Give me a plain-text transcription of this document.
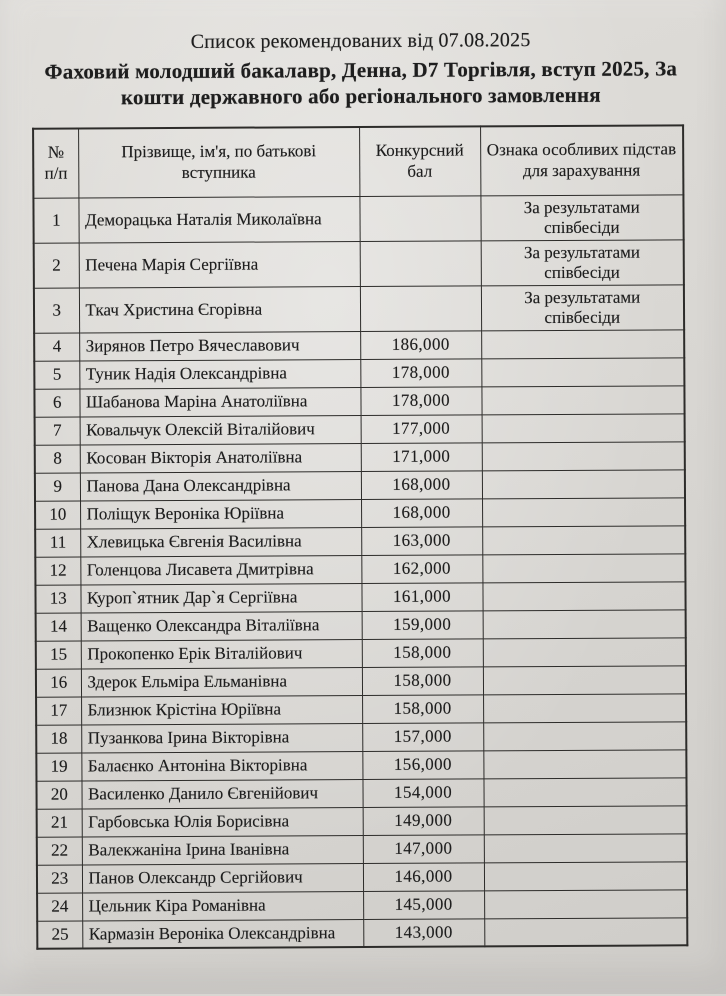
Список рекомендованих від 07.08.2025

Фаховий молодший бакалавр, Денна, D7 Торгівля, вступ 2025, За кошти державного або регіонального замовлення

№ п/п	Прізвище, ім'я, по батькові вступника	Конкурсний бал	Ознака особливих підстав для зарахування
1	Деморацька Наталія Миколаївна		За результатами співбесіди
2	Печена Марія Сергіївна		За результатами співбесіди
3	Ткач Христина Єгорівна		За результатами співбесіди
4	Зирянов Петро Вячеславович	186,000	
5	Туник Надія Олександрівна	178,000	
6	Шабанова Маріна Анатоліївна	178,000	
7	Ковальчук Олексій Віталійович	177,000	
8	Косован Вікторія Анатоліївна	171,000	
9	Панова Дана Олександрівна	168,000	
10	Поліщук Вероніка Юріївна	168,000	
11	Хлевицька Євгенія Василівна	163,000	
12	Голенцова Лисавета Дмитрівна	162,000	
13	Куроп`ятник Дар`я Сергіївна	161,000	
14	Ващенко Олександра Віталіївна	159,000	
15	Прокопенко Ерік Віталійович	158,000	
16	Здерок Ельміра Ельманівна	158,000	
17	Близнюк Крістіна Юріївна	158,000	
18	Пузанкова Ірина Вікторівна	157,000	
19	Балаєнко Антоніна Вікторівна	156,000	
20	Василенко Данило Євгенійович	154,000	
21	Гарбовська Юлія Борисівна	149,000	
22	Валекжаніна Ірина Іванівна	147,000	
23	Панов Олександр Сергійович	146,000	
24	Цельник Кіра Романівна	145,000	
25	Кармазін Вероніка Олександрівна	143,000	
